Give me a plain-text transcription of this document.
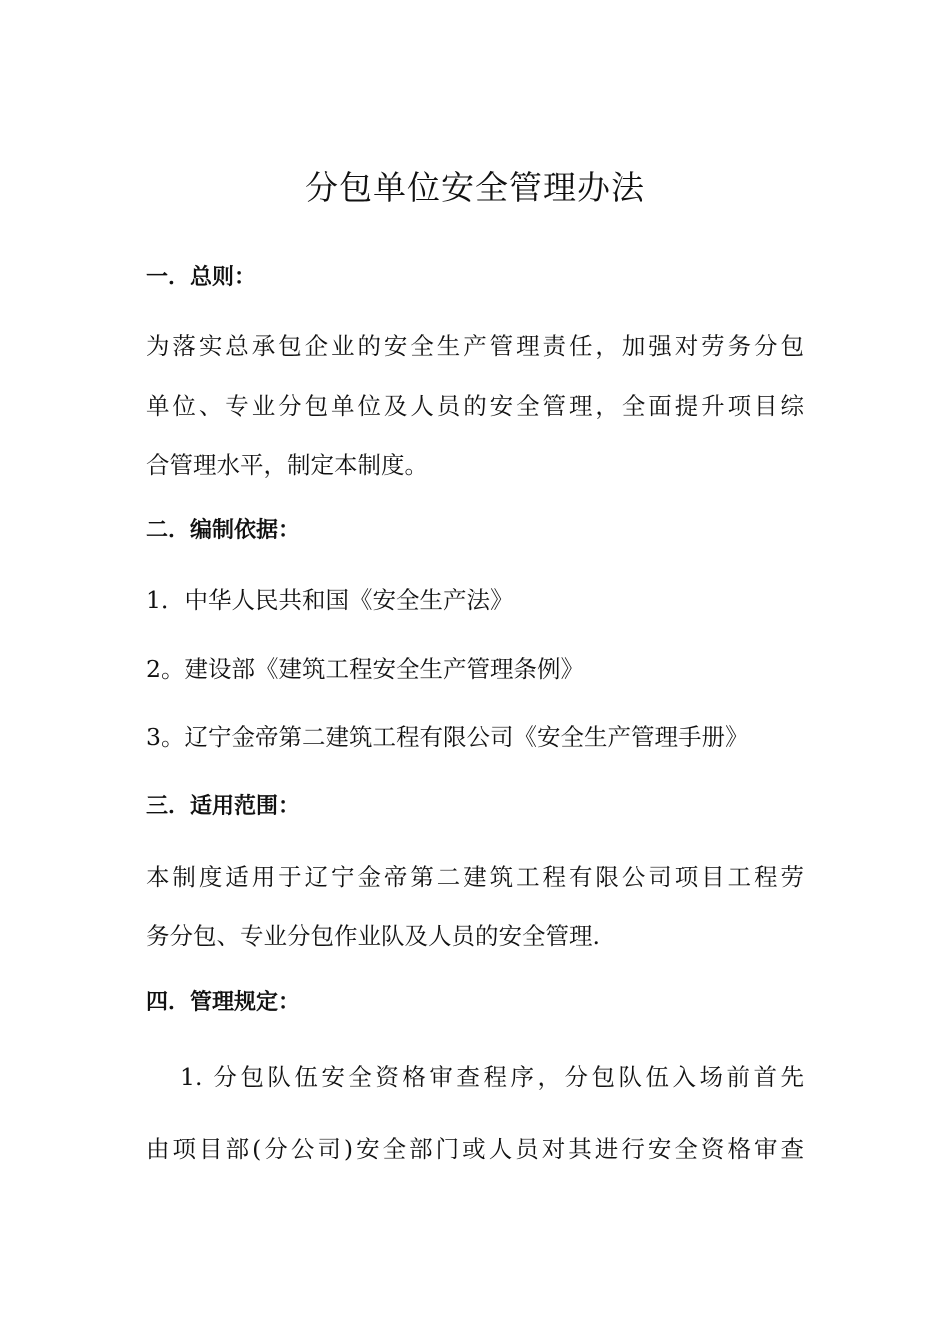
分包单位安全管理办法
一．总则：
为落实总承包企业的安全生产管理责任，加强对劳务分包
单位、专业分包单位及人员的安全管理，全面提升项目综
合管理水平，制定本制度。
二．编制依据：
1．中华人民共和国《安全生产法》
2。建设部《建筑工程安全生产管理条例》
3。辽宁金帝第二建筑工程有限公司《安全生产管理手册》
三．适用范围：
本制度适用于辽宁金帝第二建筑工程有限公司项目工程劳
务分包、专业分包作业队及人员的安全管理.
四．管理规定：
1. 分包队伍安全资格审查程序，分包队伍入场前首先
由项目部(分公司)安全部门或人员对其进行安全资格审查
